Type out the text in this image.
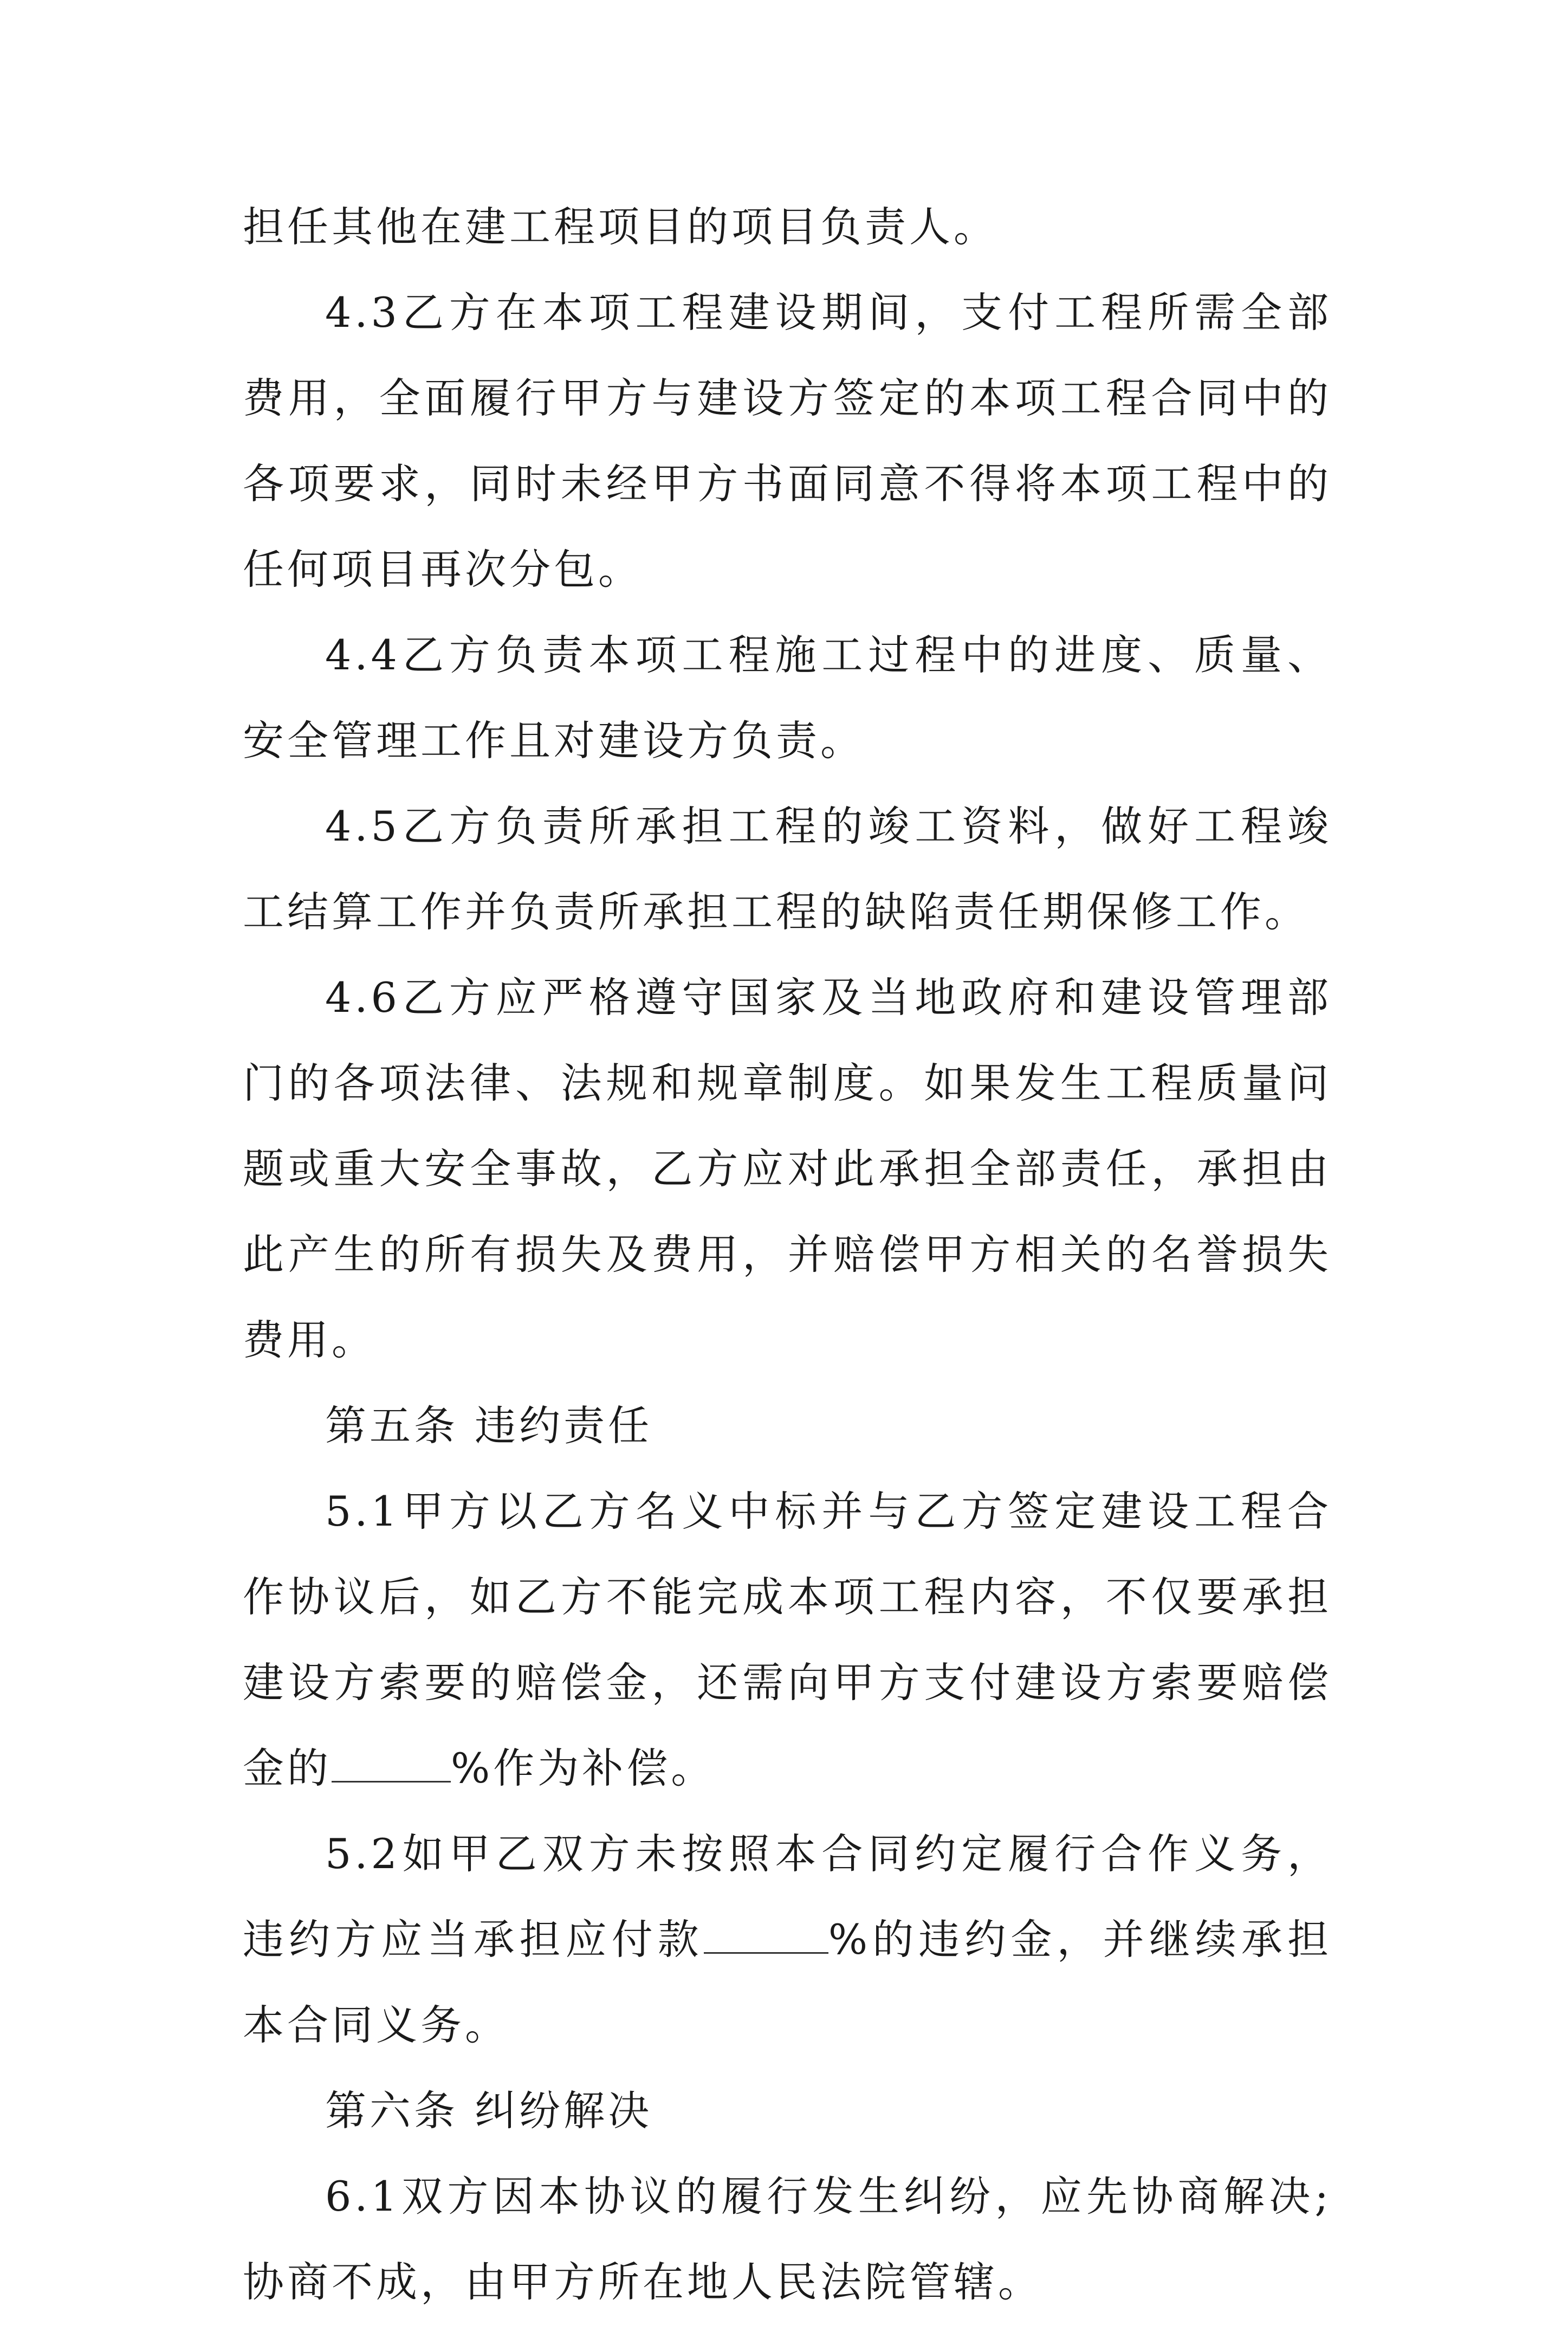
担任其他在建工程项目的项目负责人。

4.3乙方在本项工程建设期间，支付工程所需全部费用，全面履行甲方与建设方签定的本项工程合同中的各项要求，同时未经甲方书面同意不得将本项工程中的任何项目再次分包。

4.4乙方负责本项工程施工过程中的进度、质量、安全管理工作且对建设方负责。

4.5乙方负责所承担工程的竣工资料，做好工程竣工结算工作并负责所承担工程的缺陷责任期保修工作。

4.6乙方应严格遵守国家及当地政府和建设管理部门的各项法律、法规和规章制度。如果发生工程质量问题或重大安全事故，乙方应对此承担全部责任，承担由此产生的所有损失及费用，并赔偿甲方相关的名誉损失费用。

第五条 违约责任

5.1甲方以乙方名义中标并与乙方签定建设工程合作协议后，如乙方不能完成本项工程内容，不仅要承担建设方索要的赔偿金，还需向甲方支付建设方索要赔偿金的	%作为补偿。

5.2如甲乙双方未按照本合同约定履行合作义务，违约方应当承担应付款	%的违约金，并继续承担本合同义务。

第六条 纠纷解决

6.1双方因本协议的履行发生纠纷，应先协商解决;协商不成，由甲方所在地人民法院管辖。
